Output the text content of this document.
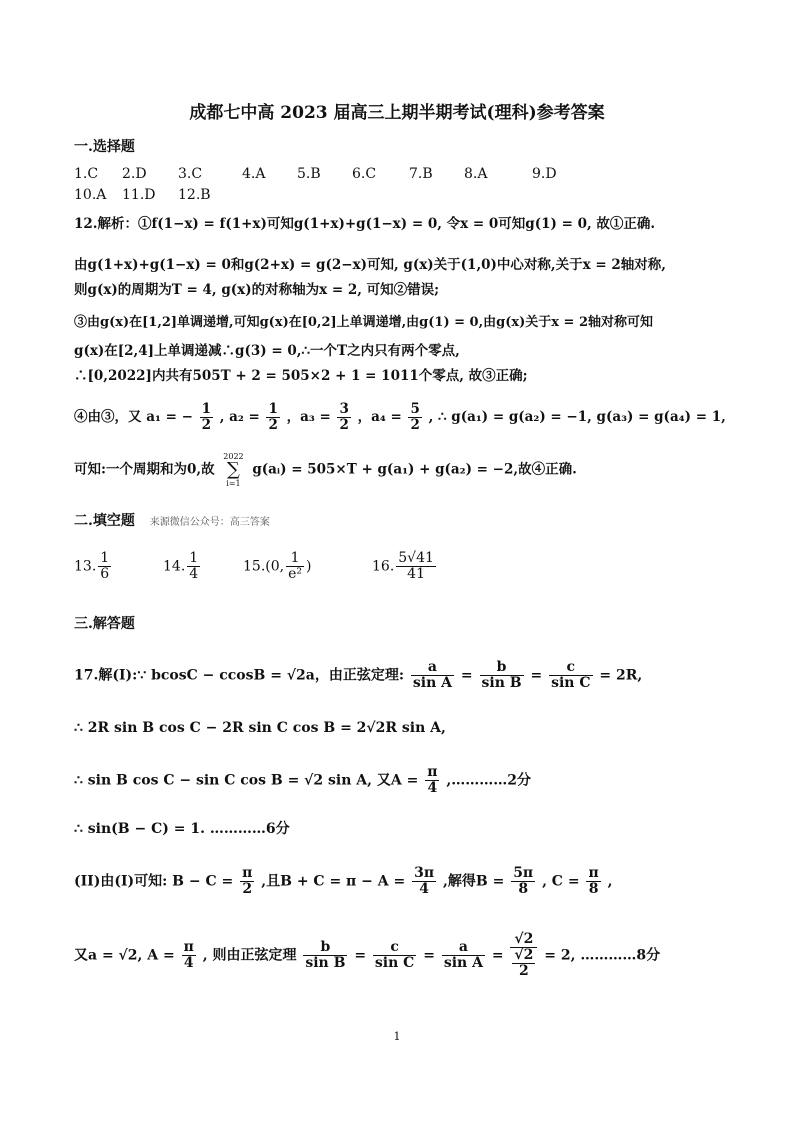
成都七中高 2023 届高三上期半期考试(理科)参考答案
一.选择题
1.C 2.D 3.C	4.A 5.B 6.C 7.B 8.A	9.D
10.A 11.D 12.B
12.解析：①f(1−x) = f(1+x)可知g(1+x)+g(1−x) = 0, 令x = 0可知g(1) = 0, 故①正确.
由g(1+x)+g(1−x) = 0和g(2+x) = g(2−x)可知, g(x)关于(1,0)中心对称,关于x = 2轴对称,
则g(x)的周期为T = 4, g(x)的对称轴为x = 2, 可知②错误;
③由g(x)在[1,2]单调递增,可知g(x)在[0,2]上单调递增,由g(1) = 0,由g(x)关于x = 2轴对称可知
g(x)在[2,4]上单调递减∴g(3) = 0,∴一个T之内只有两个零点,
∴[0,2022]内共有505T + 2 = 505×2 + 1 = 1011个零点, 故③正确;
④由③，又 a₁ = − $\frac{1}{2}$ , $a_2 = \frac{1}{2}$ ，$a_3 = \frac{3}{2}$ ，$a_4 = \frac{5}{2}$ , ∴ g(a₁) = g(a₂) = −1, g(a₃) = g(a₄) = 1,
可知:一个周期和为0,故
2022
∑
i=1
g(aᵢ) = 505×T + g(a₁) + g(a₂) = −2,故④正确.
二.填空题 来源微信公众号：高三答案
13. $\frac{1}{6}$	14. $\frac{1}{4}$	15.(0, $\frac{1}{\text{e²}}$ )	16. $\frac{5√41}{41}$
三.解答题
17.解(I):∵ bcosC − ccosB = √2a，由正弦定理: $\frac{a}{\text{sin A}} = \frac{b}{\text{sin B}} = \frac{c}{\text{sin C}} = 2R$,
∴ 2R sin B cos C − 2R sin C cos B = 2√2R sin A,
∴ sin B cos C − sin C cos B = √2 sin A, 又$A = \frac{\pi}{4}$ ,…………2分
∴ sin(B − C) = 1. …………6分
(II)由(I)可知: $B - C = \frac{\pi}{2}$ ,且$B + C = \pi - A = \frac{3\pi}{4}$ ,解得$B = \frac{5\pi}{8}$ , $C = \frac{\pi}{8}$ ,
又a = √2, $A = \frac{\pi}{4}$ , 则由正弦定理 $\frac{b}{\text{sin B}} = \frac{c}{\text{sin C}} = \frac{a}{\text{sin A}} = \frac{√2}{\frac{√2}{2}} = 2$, …………8分
1
